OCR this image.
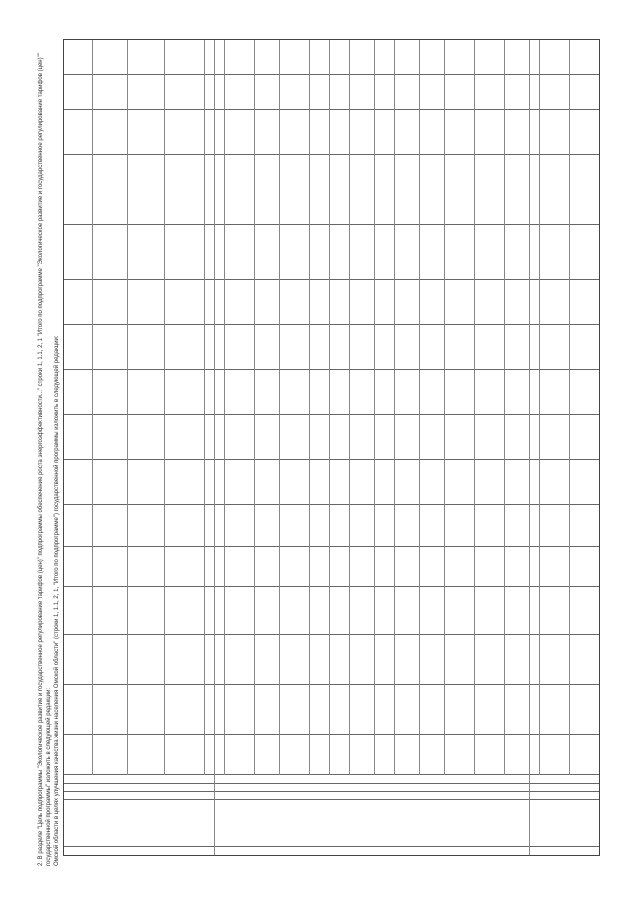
2. В разделе "Цель подпрограммы "Экологическое развитие и государственное регулирование тарифов (цен)" подпрограммы обеспечение роста энергоэффективности..." строки 1, 1.1, 2, 1 "Итого по подпрограмме "Экологическое развитие и государственное регулирование тарифов (цен)"" государственной программы" изложить в следующей редакции: Омской области в целях улучшения качества жизни населения Омской области" (строки 1, 1.1, 2, 1, "Итого по подпрограмме") государственной программы изложить в следующей редакции:
